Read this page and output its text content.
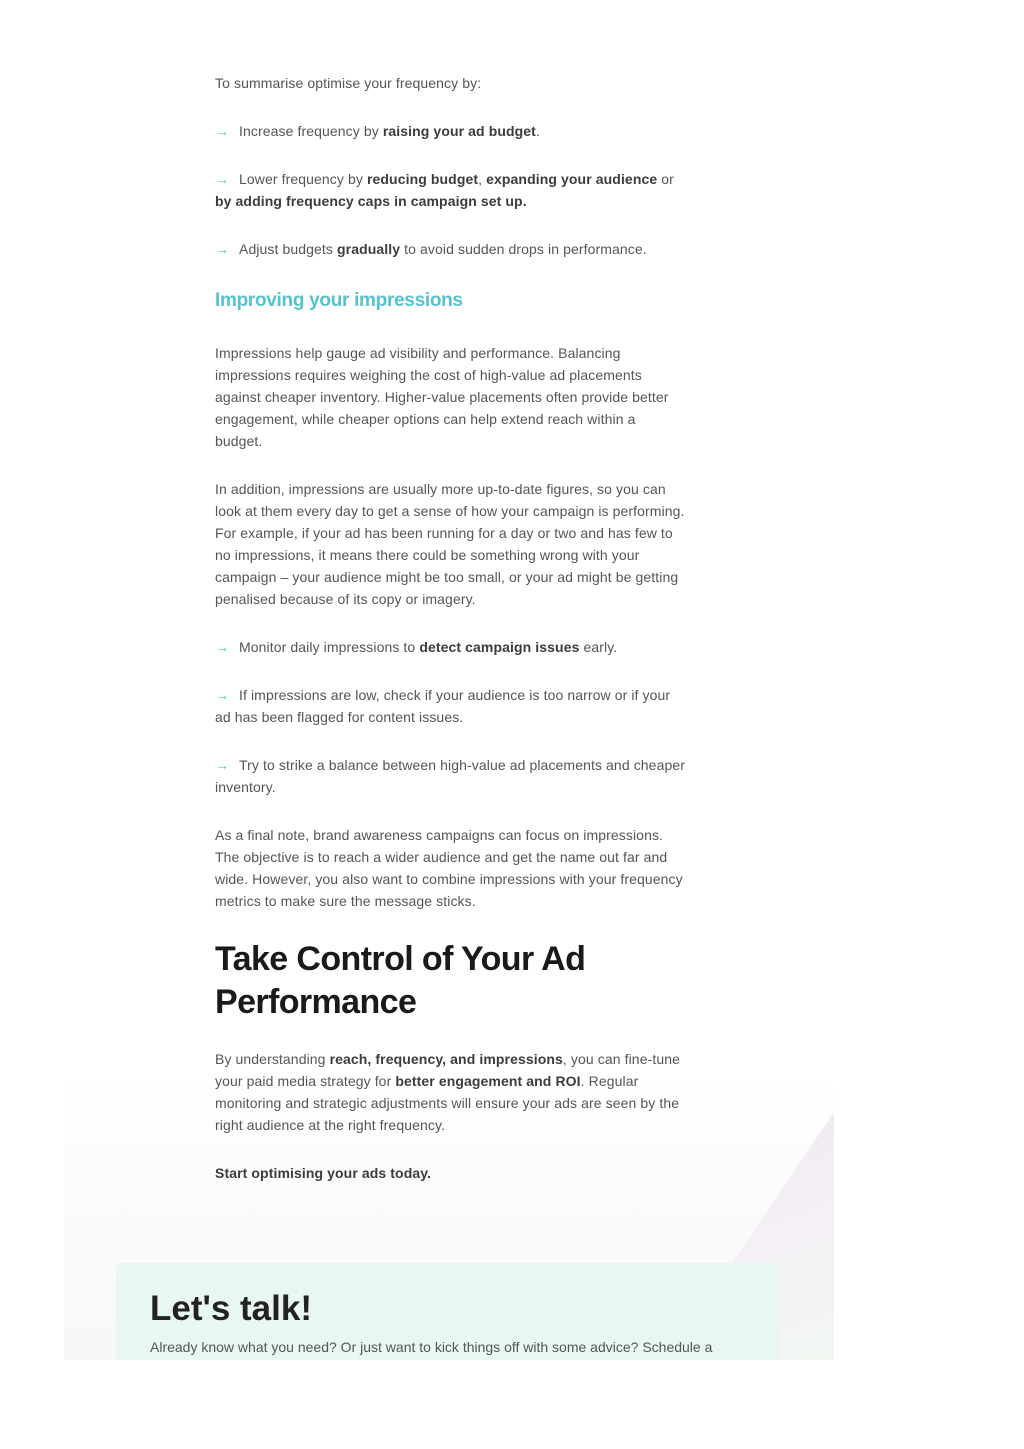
To summarise optimise your frequency by:

→ Increase frequency by raising your ad budget.

→ Lower frequency by reducing budget, expanding your audience or
by adding frequency caps in campaign set up.

→ Adjust budgets gradually to avoid sudden drops in performance.

Improving your impressions

Impressions help gauge ad visibility and performance. Balancing impressions requires weighing the cost of high-value ad placements against cheaper inventory. Higher-value placements often provide better engagement, while cheaper options can help extend reach within a budget.

In addition, impressions are usually more up-to-date figures, so you can look at them every day to get a sense of how your campaign is performing. For example, if your ad has been running for a day or two and has few to no impressions, it means there could be something wrong with your campaign – your audience might be too small, or your ad might be getting penalised because of its copy or imagery.

→ Monitor daily impressions to detect campaign issues early.

→ If impressions are low, check if your audience is too narrow or if your ad has been flagged for content issues.

→ Try to strike a balance between high-value ad placements and cheaper inventory.

As a final note, brand awareness campaigns can focus on impressions. The objective is to reach a wider audience and get the name out far and wide. However, you also want to combine impressions with your frequency metrics to make sure the message sticks.

Take Control of Your Ad Performance

By understanding reach, frequency, and impressions, you can fine-tune your paid media strategy for better engagement and ROI. Regular monitoring and strategic adjustments will ensure your ads are seen by the right audience at the right frequency.

Start optimising your ads today.

Let's talk!

Already know what you need? Or just want to kick things off with some advice? Schedule a
